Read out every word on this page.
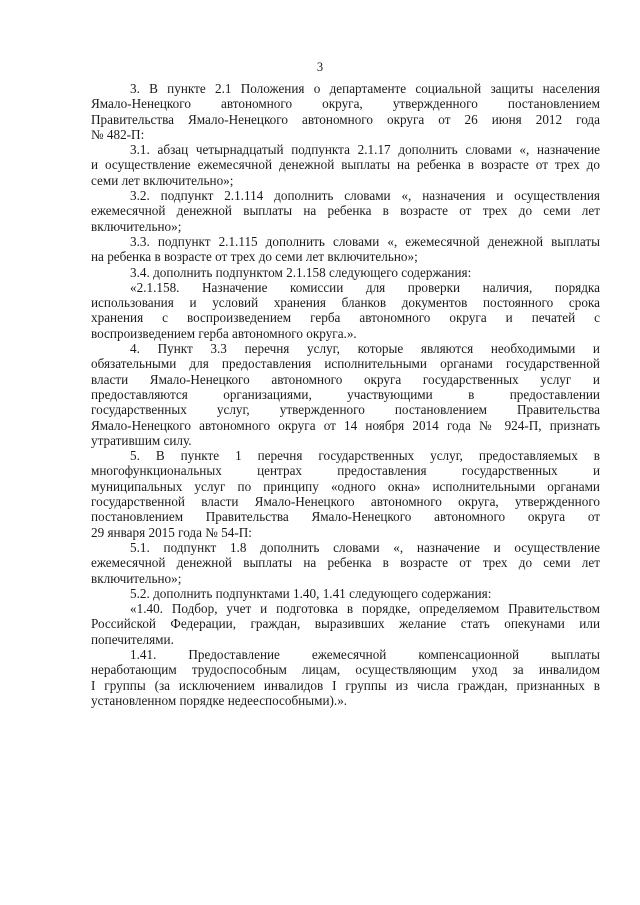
3
3. В пункте 2.1 Положения о департаменте социальной защиты населения
Ямало-Ненецкого автономного округа, утвержденного постановлением
Правительства Ямало-Ненецкого автономного округа от 26 июня 2012 года
№ 482-П:
3.1. абзац четырнадцатый подпункта 2.1.17 дополнить словами «, назначение
и осуществление ежемесячной денежной выплаты на ребенка в возрасте от трех до
семи лет включительно»;
3.2. подпункт 2.1.114 дополнить словами «, назначения и осуществления
ежемесячной денежной выплаты на ребенка в возрасте от трех до семи лет
включительно»;
3.3. подпункт 2.1.115 дополнить словами «, ежемесячной денежной выплаты
на ребенка в возрасте от трех до семи лет включительно»;
3.4. дополнить подпунктом 2.1.158 следующего содержания:
«2.1.158. Назначение комиссии для проверки наличия, порядка
использования и условий хранения бланков документов постоянного срока
хранения с воспроизведением герба автономного округа и печатей с
воспроизведением герба автономного округа.».
4. Пункт 3.3 перечня услуг, которые являются необходимыми и
обязательными для предоставления исполнительными органами государственной
власти Ямало-Ненецкого автономного округа государственных услуг и
предоставляются организациями, участвующими в предоставлении
государственных услуг, утвержденного постановлением Правительства
Ямало-Ненецкого автономного округа от 14 ноября 2014 года № 924-П, признать
утратившим силу.
5. В пункте 1 перечня государственных услуг, предоставляемых в
многофункциональных центрах предоставления государственных и
муниципальных услуг по принципу «одного окна» исполнительными органами
государственной власти Ямало-Ненецкого автономного округа, утвержденного
постановлением Правительства Ямало-Ненецкого автономного округа от
29 января 2015 года № 54-П:
5.1. подпункт 1.8 дополнить словами «, назначение и осуществление
ежемесячной денежной выплаты на ребенка в возрасте от трех до семи лет
включительно»;
5.2. дополнить подпунктами 1.40, 1.41 следующего содержания:
«1.40. Подбор, учет и подготовка в порядке, определяемом Правительством
Российской Федерации, граждан, выразивших желание стать опекунами или
попечителями.
1.41. Предоставление ежемесячной компенсационной выплаты
неработающим трудоспособным лицам, осуществляющим уход за инвалидом
I группы (за исключением инвалидов I группы из числа граждан, признанных в
установленном порядке недееспособными).».
